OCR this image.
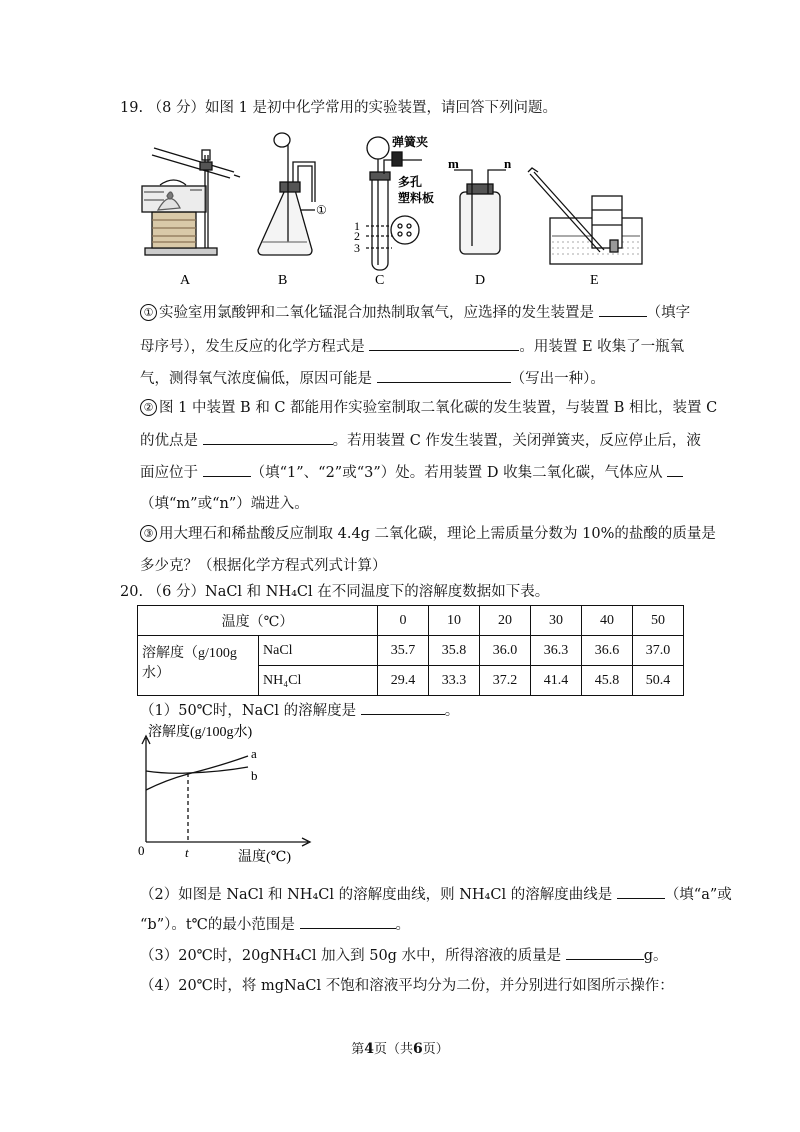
19. （8 分）如图 1 是初中化学常用的实验装置，请回答下列问题。
A	B	C	D	E
①
弹簧夹
多孔
塑料板
1
2
3
m	n
① 实验室用氯酸钾和二氧化锰混合加热制取氧气，应选择的发生装置是	（填字
母序号），发生反应的化学方程式是	。用装置 E 收集了一瓶氧
气，测得氧气浓度偏低，原因可能是	（写出一种）。
② 图 1 中装置 B 和 C 都能用作实验室制取二氧化碳的发生装置，与装置 B 相比，装置 C
的优点是	。若用装置 C 作发生装置，关闭弹簧夹，反应停止后，液
面应位于	（填“1”、“2”或“3”）处。若用装置 D 收集二氧化碳，气体应从
（填“m”或“n”）端进入。
③ 用大理石和稀盐酸反应制取 4.4g 二氧化碳，理论上需质量分数为 10%的盐酸的质量是
多少克？（根据化学方程式列式计算）
20. （6 分）NaCl 和 NH₄Cl 在不同温度下的溶解度数据如下表。
温度（℃）		0	10	20	30	40	50
溶解度（g/100g 水）	NaCl	35.7	35.8	36.0	36.3	36.6	37.0
	NH₄Cl	29.4	33.3	37.2	41.4	45.8	50.4
（1）50℃时，NaCl 的溶解度是	。
溶解度(g/100g水)
0	t	温度(℃)
a
b
（2）如图是 NaCl 和 NH₄Cl 的溶解度曲线，则 NH₄Cl 的溶解度曲线是	（填“a”或
“b”）。t℃的最小范围是	。
（3）20℃时，20gNH₄Cl 加入到 50g 水中，所得溶液的质量是	g。
（4）20℃时，将 mgNaCl 不饱和溶液平均分为二份，并分别进行如图所示操作：
第4页（共6页）
